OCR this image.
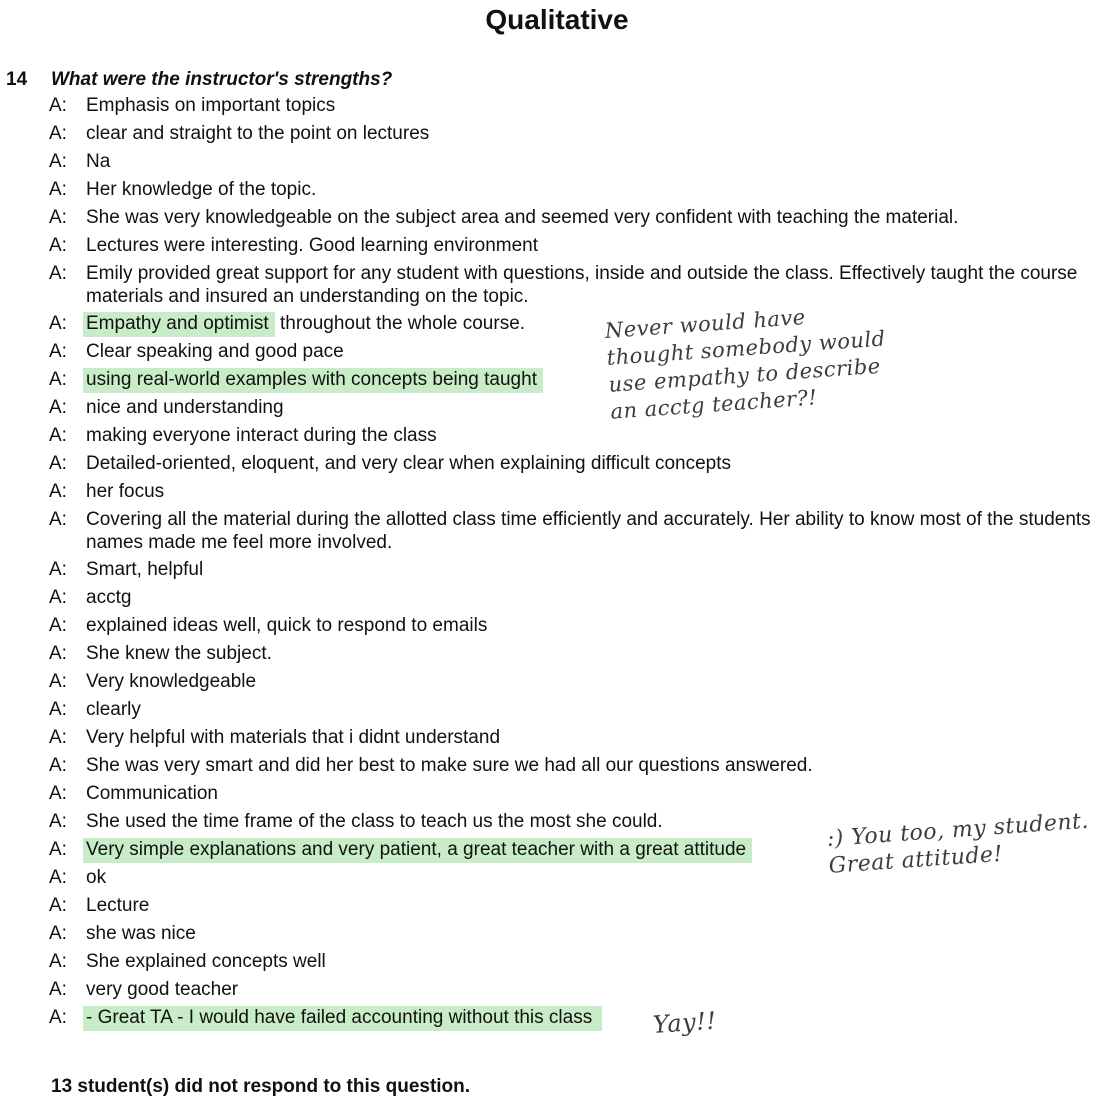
Qualitative
14 What were the instructor's strengths?
A:	Emphasis on important topics
A:	clear and straight to the point on lectures
A:	Na
A:	Her knowledge of the topic.
A:	She was very knowledgeable on the subject area and seemed very confident with teaching the material.
A:	Lectures were interesting. Good learning environment
A:	Emily provided great support for any student with questions, inside and outside the class. Effectively taught the course materials and insured an understanding on the topic.
A:	Empathy and optimist throughout the whole course.
A:	Clear speaking and good pace
A:	using real-world examples with concepts being taught
A:	nice and understanding
A:	making everyone interact during the class
A:	Detailed-oriented, eloquent, and very clear when explaining difficult concepts
A:	her focus
A:	Covering all the material during the allotted class time efficiently and accurately. Her ability to know most of the students names made me feel more involved.
A:	Smart, helpful
A:	acctg
A:	explained ideas well, quick to respond to emails
A:	She knew the subject.
A:	Very knowledgeable
A:	clearly
A:	Very helpful with materials that i didnt understand
A:	She was very smart and did her best to make sure we had all our questions answered.
A:	Communication
A:	She used the time frame of the class to teach us the most she could.
A:	Very simple explanations and very patient, a great teacher with a great attitude
A:	ok
A:	Lecture
A:	she was nice
A:	She explained concepts well
A:	very good teacher
A:	- Great TA - I would have failed accounting without this class
Never would have thought somebody would use empathy to describe an acctg teacher?!
:) You too, my student. Great attitude!
Yay!!
13 student(s) did not respond to this question.
